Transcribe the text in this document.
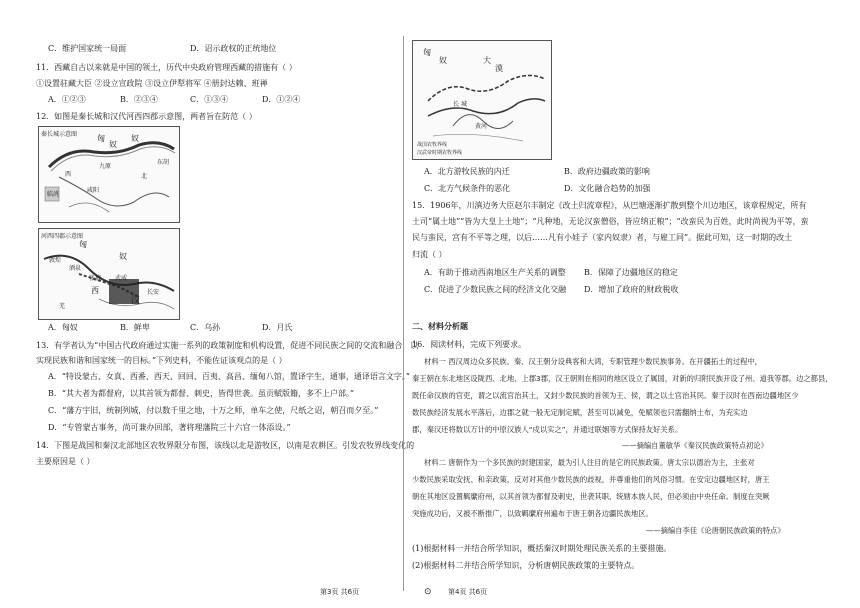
C．维护国家统一局面	D．诏示政权的正统地位
11．西藏自古以来就是中国的领土，历代中央政府管理西藏的措施有（ ）
①设置驻藏大臣 ②设立宣政院 ③设立伊犁将军 ④册封达赖、班禅
A．①②③	B．②③④	C．①③④	D．①②④
12．如图是秦长城和汉代河西四郡示意图，两者旨在防范（ ）
秦长城示意图 匈	奴
奴
九原
临洮
咸阳
西	北
东胡
河西四郡示意图
匈
奴
酒泉
敦煌
张掖
西
武威
汉
长安
羌
A．匈奴	B．鲜卑	C．乌孙	D．月氏
13．有学者认为“中国古代政府通过实施一系列的政策制度和机构设置，促进不同民族之间的交流和融合，以
实现民族和谐和国家统一的目标。”下列史料，不能佐证该观点的是（ ）
A．“特设蒙古、女真、西番、西天、回回、百夷、高昌、缅甸八馆，置译字生，通事，通译语言文字。”
B．“其大者为都督府，以其首领为都督、刺史，皆得世袭。虽贡赋版籍，多不上户部。”
C．“藩方宇旧，统制列城，付以数千里之地，十万之师，单车之使，尺纸之诏，朝召而夕至。”
D．“专管蒙古事务，尚可兼办回部，著将理藩院三十六官一体添设。”
14．下图是战国和秦汉北部地区农牧界限分布图，该线以北是游牧区，以南是农耕区。引发农牧界线变化的
主要原因是（ ）
第3页 共6页	⊙
匈
奴	大
漠
长 城
黄河
战国农牧界线
汉武帝时期农牧界线
A．北方游牧民族的内迁	B．政府边疆政策的影响
C．北方气候条件的恶化	D．文化融合趋势的加强
15．1906年，川滇边务大臣赵尔丰制定《改土归流章程》，从巴塘逐渐扩散到整个川边地区，该章程规定，所有
土司“属土地”“皆为大皇上土地”；“凡种地，无论汉蛮僧俗，皆应纳正粮”；“改蛮民为百姓，此时尚视为平等，蛮
民与蛮民，宫有不平等之理，以后……凡有小娃子（家内奴隶）者，与雇工同”。据此可知，这一时期的改土
归流（ ）
A．有助于推动西南地区生产关系的调整 B．保障了边疆地区的稳定
C．促进了少数民族之间的经济文化交融 D．增加了政府的财政税收
二、材料分析题
16．阅读材料，完成下列要求。
材料一 西汉周边众多民族。秦、汉王朝分设典客和大鸿，专职管理少数民族事务。在开疆拓土的过程中，
秦王朝在东北地区设陇西、北地、上郡3郡，汉王朝则在相同的地区设立了属国，对新的归附民族开设了州、道我等郡。边之都县，
既任命汉族的官吏，谓之以流官治其土，又封少数民族的首领为王、侯，谓之以土官治其民。秦于汉时在西南边疆地区少
数民族经济发展水平落后，边郡之就一般无定制定赋，甚至可以减免，免赋领也只需翻纳土布，为充实边
郡，秦汉还将数以万计的中原汉族人“戍以实之”，并通过联姻等方式保持友好关系。
——摘编自董敏华《秦汉民族政策特点初论》
材料二 唐朝作为一个多民族的封建国家，最为引人注目的是它的民族政策。唐太宗以德治为主，主张对
少数民族采取安抚、和亲政策，反对对其他少数民族的歧视，并尊重他们的风俗习惯。在安定边疆地区时，唐王
朝在其地区设置羁縻府州，以其首领为都督及刺史，世袭其职，统辖本族人民，但必须由中央任命。制度在突厥
突施成功后，又被不断推广，以致羁縻府州遍布于唐王朝各边疆民族地区。
——摘编自李佳《论唐朝民族政策的特点》
(1)根据材料一并结合所学知识，概括秦汉时期处理民族关系的主要措施。
(2)根据材料二并结合所学知识，分析唐朝民族政策的主要特点。
第4页 共6页
